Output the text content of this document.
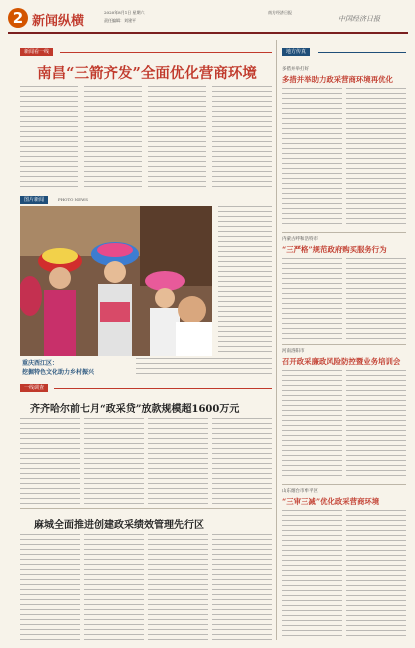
2 新闻纵横
2020年8月1日 星期六
责任编辑：刘建平
南方经济日报
中国经济日报
新闻看一线
南昌“三箭齐发”全面优化营商环境
图片新闻	PHOTO NEWS
重庆酉江区：
挖掘特色文化助力乡村振兴
一线调查
齐齐哈尔前七月“政采贷”放款规模超1600万元
麻城全面推进创建政采绩效管理先行区
地方传真
多措并举打好
多措并举助力政采营商环境再优化
内蒙古呼和浩特市
“三严格”规范政府购买服务行为
河南洛阳市
召开政采廉政风险防控暨业务培训会
山东烟台市牟平区
“三审三减”优化政采营商环境
